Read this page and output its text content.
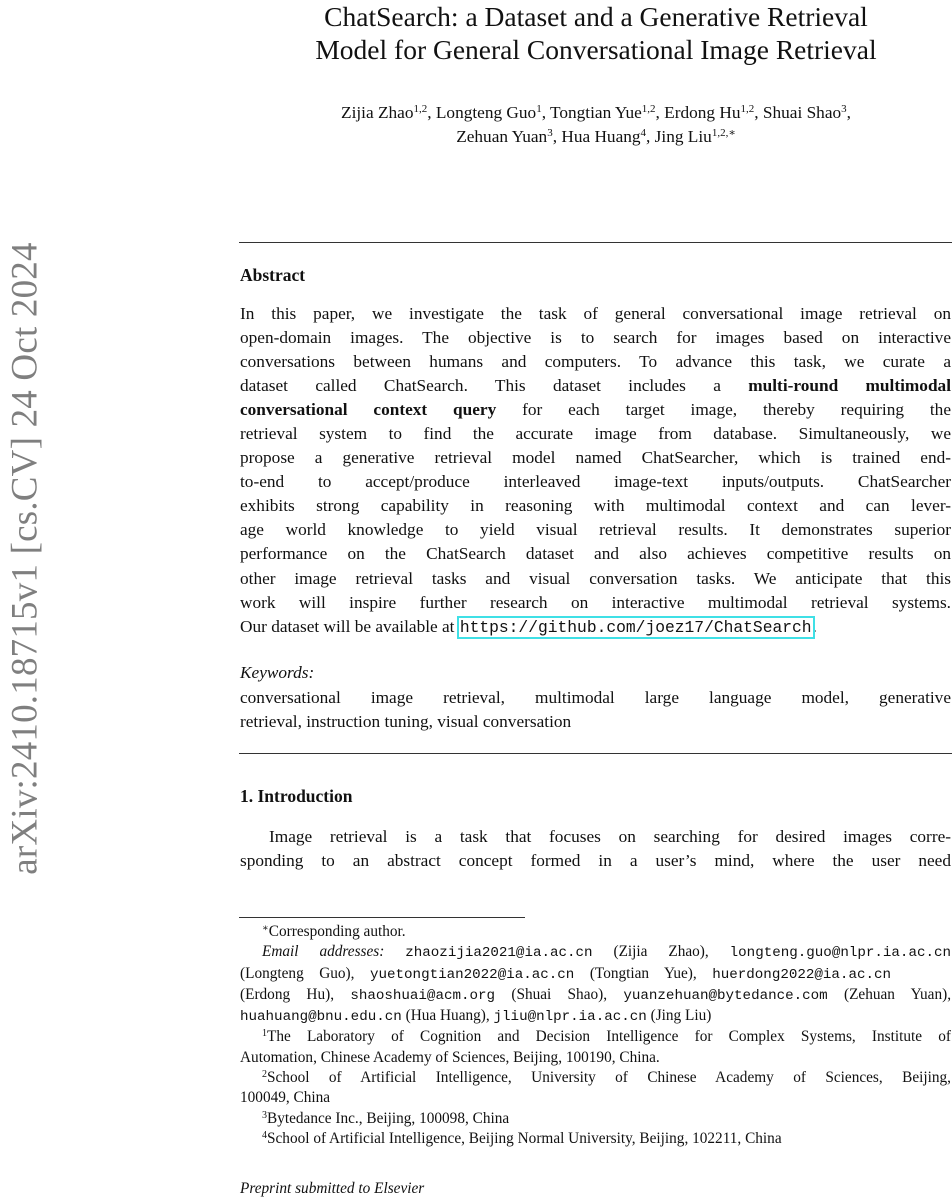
arXiv:2410.18715v1 [cs.CV] 24 Oct 2024
ChatSearch: a Dataset and a Generative Retrieval
Model for General Conversational Image Retrieval
Zijia Zhao$^{1,2}$, Longteng Guo$^1$, Tongtian Yue$^{1,2}$, Erdong Hu$^{1,2}$, Shuai Shao$^3$,
Zehuan Yuan$^3$, Hua Huang$^4$, Jing Liu$^{1,2,∗}$
Abstract
In this paper, we investigate the task of general conversational image retrieval on
open-domain images. The objective is to search for images based on interactive
conversations between humans and computers. To advance this task, we curate a
dataset called ChatSearch. This dataset includes a multi-round multimodal
conversational context query for each target image, thereby requiring the
retrieval system to find the accurate image from database. Simultaneously, we
propose a generative retrieval model named ChatSearcher, which is trained end-
to-end to accept/produce interleaved image-text inputs/outputs. ChatSearcher
exhibits strong capability in reasoning with multimodal context and can lever-
age world knowledge to yield visual retrieval results. It demonstrates superior
performance on the ChatSearch dataset and also achieves competitive results on
other image retrieval tasks and visual conversation tasks. We anticipate that this
work will inspire further research on interactive multimodal retrieval systems.
Our dataset will be available at https://github.com/joez17/ChatSearch.
Keywords:
conversational image retrieval, multimodal large language model, generative
retrieval, instruction tuning, visual conversation
1. Introduction
Image retrieval is a task that focuses on searching for desired images corre-
sponding to an abstract concept formed in a user’s mind, where the user need
∗Corresponding author.
Email addresses: zhaozijia2021@ia.ac.cn (Zijia Zhao), longteng.guo@nlpr.ia.ac.cn
(Longteng Guo), yuetongtian2022@ia.ac.cn (Tongtian Yue), huerdong2022@ia.ac.cn
(Erdong Hu), shaoshuai@acm.org (Shuai Shao), yuanzehuan@bytedance.com (Zehuan Yuan),
huahuang@bnu.edu.cn (Hua Huang), jliu@nlpr.ia.ac.cn (Jing Liu)
$^1$The Laboratory of Cognition and Decision Intelligence for Complex Systems, Institute of
Automation, Chinese Academy of Sciences, Beijing, 100190, China.
$^2$School of Artificial Intelligence, University of Chinese Academy of Sciences, Beijing,
100049, China
$^3$Bytedance Inc., Beijing, 100098, China
$^4$School of Artificial Intelligence, Beijing Normal University, Beijing, 102211, China
Preprint submitted to Elsevier
